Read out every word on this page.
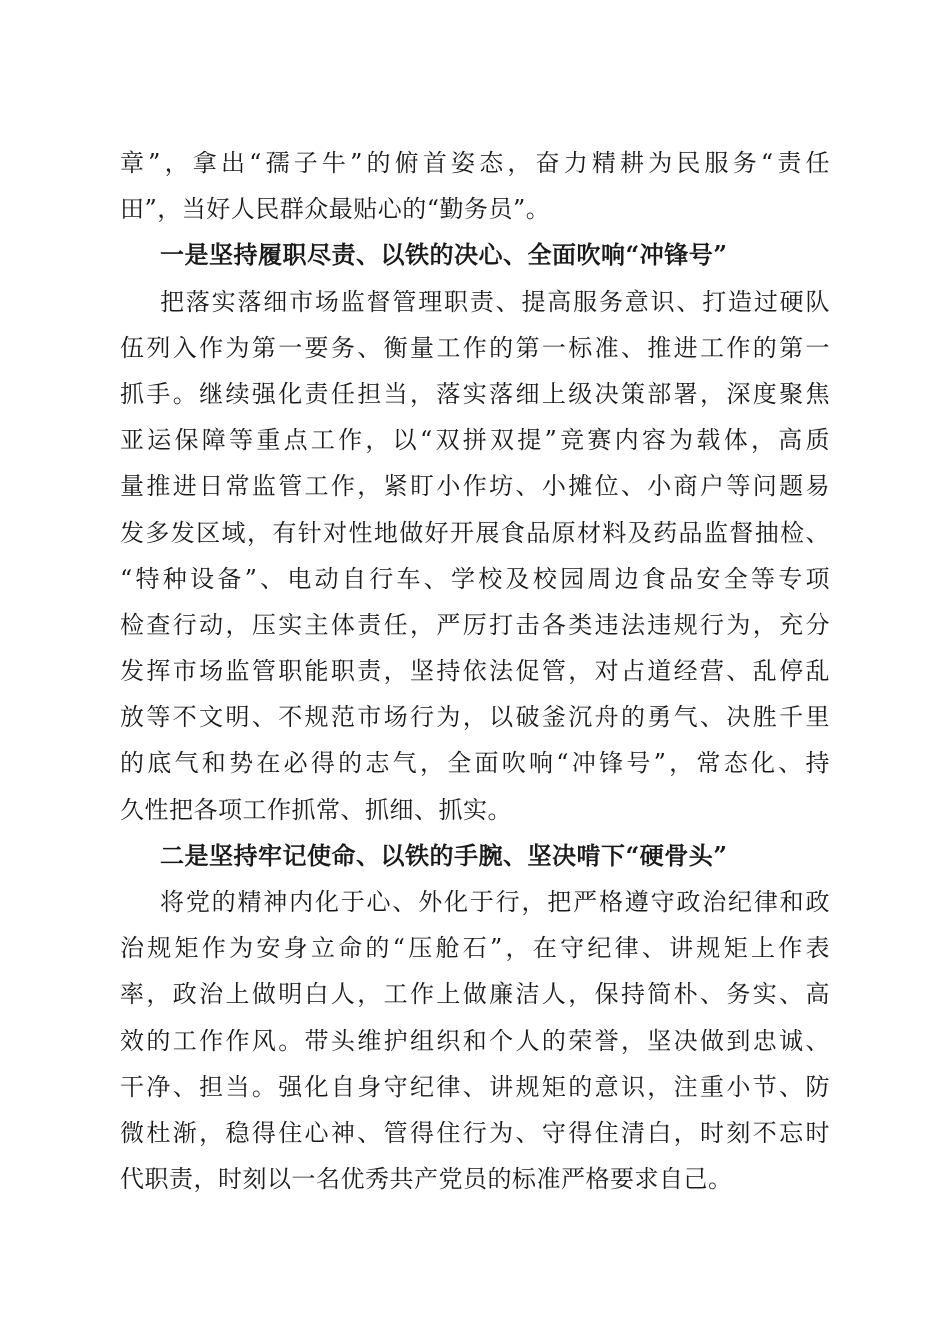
章”，拿出“孺子牛”的俯首姿态，奋力精耕为民服务“责任
田”，当好人民群众最贴心的“勤务员”。
一是坚持履职尽责、以铁的决心、全面吹响“冲锋号”
把落实落细市场监督管理职责、提高服务意识、打造过硬队
伍列入作为第一要务、衡量工作的第一标准、推进工作的第一
抓手。继续强化责任担当，落实落细上级决策部署，深度聚焦
亚运保障等重点工作，以“双拼双提”竞赛内容为载体，高质
量推进日常监管工作，紧盯小作坊、小摊位、小商户等问题易
发多发区域，有针对性地做好开展食品原材料及药品监督抽检、
“特种设备”、电动自行车、学校及校园周边食品安全等专项
检查行动，压实主体责任，严厉打击各类违法违规行为，充分
发挥市场监管职能职责，坚持依法促管，对占道经营、乱停乱
放等不文明、不规范市场行为，以破釜沉舟的勇气、决胜千里
的底气和势在必得的志气，全面吹响“冲锋号”，常态化、持
久性把各项工作抓常、抓细、抓实。
二是坚持牢记使命、以铁的手腕、坚决啃下“硬骨头”
将党的精神内化于心、外化于行，把严格遵守政治纪律和政
治规矩作为安身立命的“压舱石”，在守纪律、讲规矩上作表
率，政治上做明白人，工作上做廉洁人，保持简朴、务实、高
效的工作作风。带头维护组织和个人的荣誉，坚决做到忠诚、
干净、担当。强化自身守纪律、讲规矩的意识，注重小节、防
微杜渐，稳得住心神、管得住行为、守得住清白，时刻不忘时
代职责，时刻以一名优秀共产党员的标准严格要求自己。
